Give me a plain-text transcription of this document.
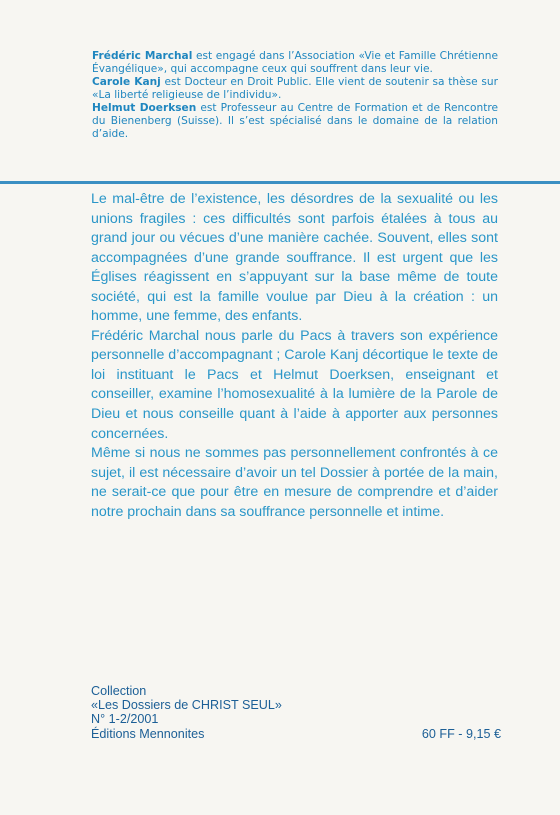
Frédéric Marchal est engagé dans l’Association «Vie et Famille Chrétienne Évangélique», qui accompagne ceux qui souffrent dans leur vie.

Carole Kanj est Docteur en Droit Public. Elle vient de soutenir sa thèse sur «La liberté religieuse de l’individu».

Helmut Doerksen est Professeur au Centre de Formation et de Rencontre du Bienenberg (Suisse). Il s’est spécialisé dans le domaine de la relation d’aide.

Le mal-être de l’existence, les désordres de la sexualité ou les unions fragiles : ces difficultés sont parfois étalées à tous au grand jour ou vécues d’une manière cachée. Souvent, elles sont accompagnées d’une grande souffrance. Il est urgent que les Églises réagissent en s’appuyant sur la base même de toute société, qui est la famille voulue par Dieu à la création : un homme, une femme, des enfants.

Frédéric Marchal nous parle du Pacs à travers son expérience personnelle d’accompagnant ; Carole Kanj décortique le texte de loi instituant le Pacs et Helmut Doerksen, enseignant et conseiller, examine l’homosexualité à la lumière de la Parole de Dieu et nous conseille quant à l’aide à apporter aux personnes concernées.

Même si nous ne sommes pas personnellement confrontés à ce sujet, il est nécessaire d’avoir un tel Dossier à portée de la main, ne serait-ce que pour être en mesure de comprendre et d’aider notre prochain dans sa souffrance personnelle et intime.

Collection
«Les Dossiers de CHRIST SEUL»
N° 1-2/2001
Éditions Mennonites	60 FF - 9,15 €
